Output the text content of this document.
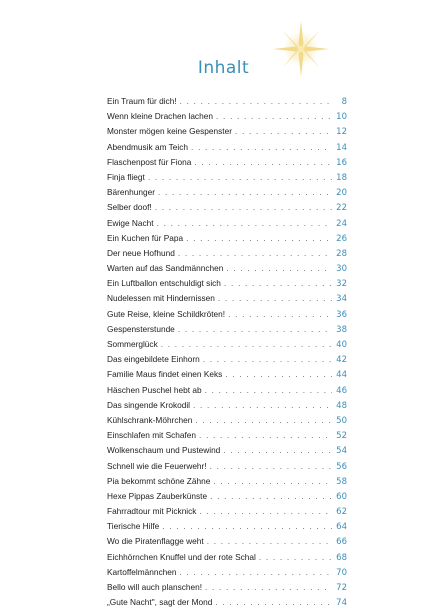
Inhalt
Ein Traum für dich! . . .	8
Wenn kleine Drachen lachen . . .	10
Monster mögen keine Gespenster . . .	12
Abendmusik am Teich . . .	14
Flaschenpost für Fiona . . .	16
Finja fliegt . . .	18
Bärenhunger . . .	20
Selber doof! . . .	22
Ewige Nacht . . .	24
Ein Kuchen für Papa . . .	26
Der neue Hofhund . . .	28
Warten auf das Sandmännchen . . .	30
Ein Luftballon entschuldigt sich . . .	32
Nudelessen mit Hindernissen . . .	34
Gute Reise, kleine Schildkröten! . . .	36
Gespensterstunde . . .	38
Sommerglück . . .	40
Das eingebildete Einhorn . . .	42
Familie Maus findet einen Keks . . .	44
Häschen Puschel hebt ab . . .	46
Das singende Krokodil . . .	48
Kühlschrank-Möhrchen . . .	50
Einschlafen mit Schafen . . .	52
Wolkenschaum und Pustewind . . .	54
Schnell wie die Feuerwehr! . . .	56
Pia bekommt schöne Zähne . . .	58
Hexe Pippas Zauberkünste . . .	60
Fahrradtour mit Picknick . . .	62
Tierische Hilfe . . .	64
Wo die Piratenflagge weht . . .	66
Eichhörnchen Knuffel und der rote Schal . . .	68
Kartoffelmännchen . . .	70
Bello will auch planschen! . . .	72
„Gute Nacht", sagt der Mond . . .	74
